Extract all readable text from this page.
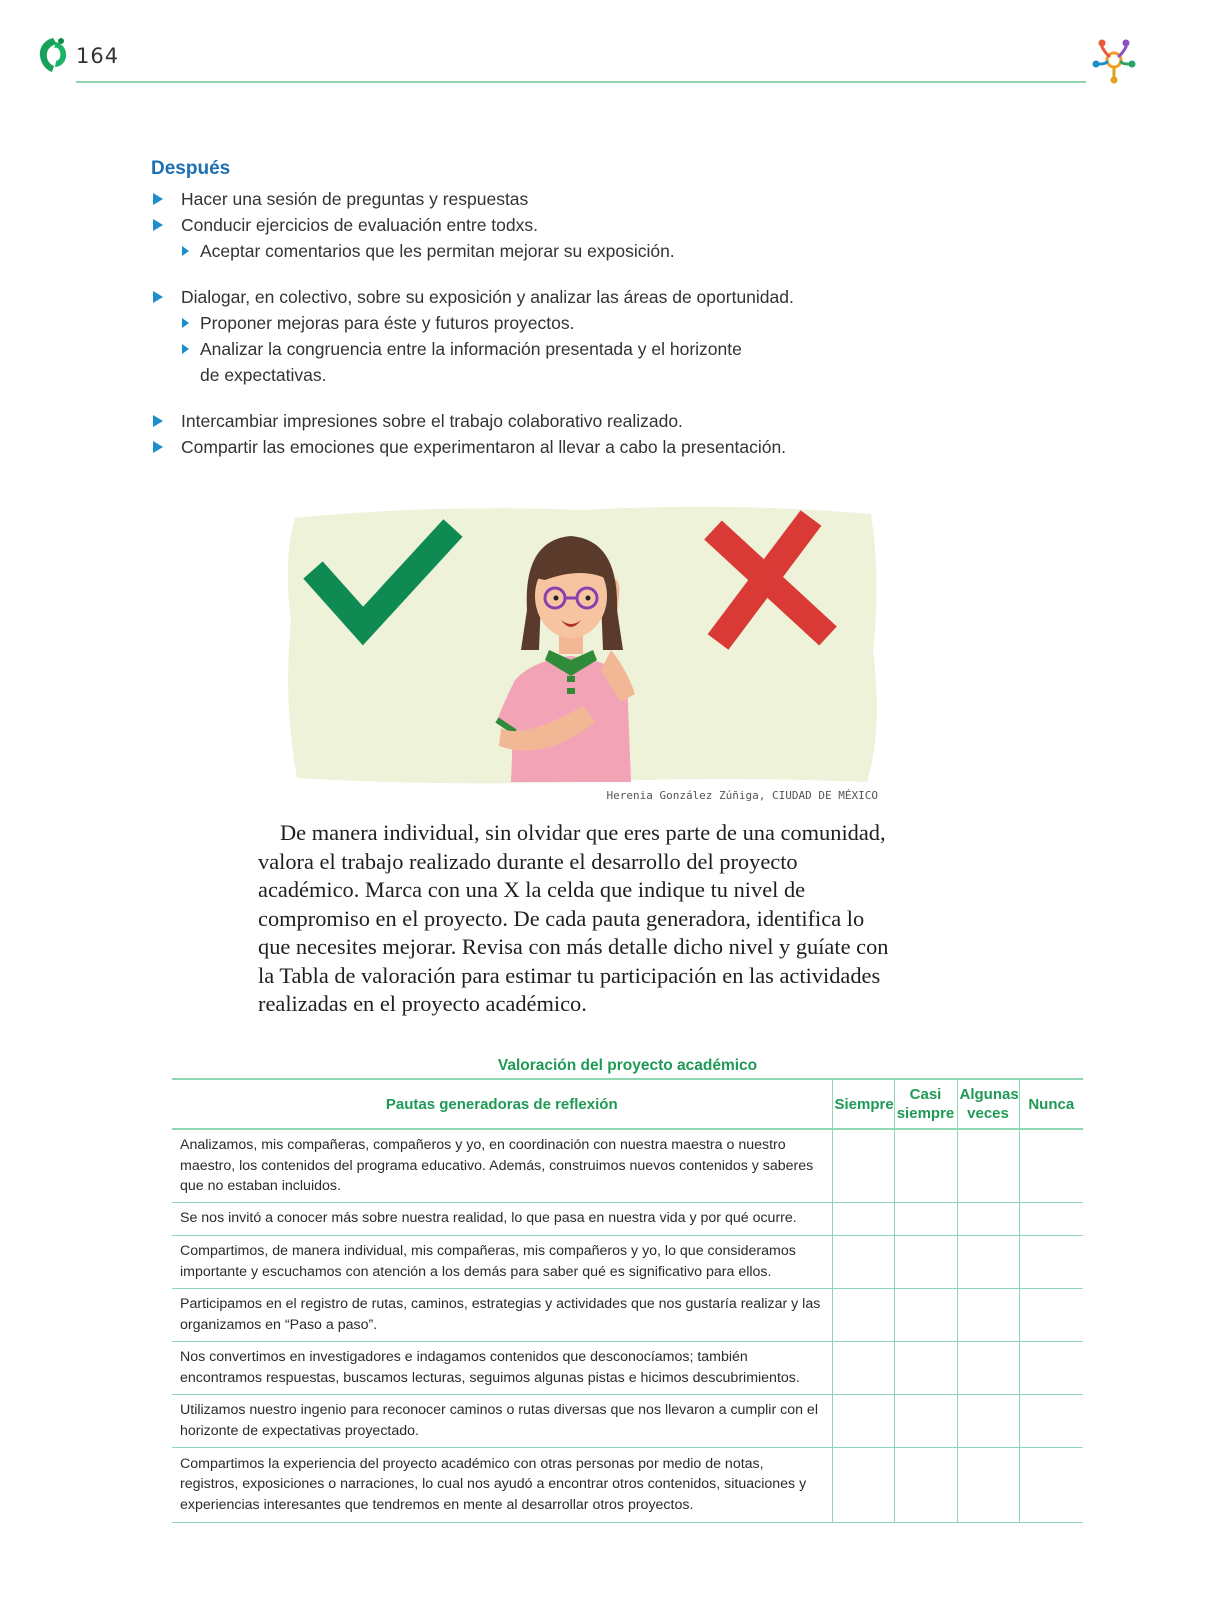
164
Después
Hacer una sesión de preguntas y respuestas
Conducir ejercicios de evaluación entre todxs.
Aceptar comentarios que les permitan mejorar su exposición.
Dialogar, en colectivo, sobre su exposición y analizar las áreas de oportunidad.
Proponer mejoras para éste y futuros proyectos.
Analizar la congruencia entre la información presentada y el horizonte
de expectativas.
Intercambiar impresiones sobre el trabajo colaborativo realizado.
Compartir las emociones que experimentaron al llevar a cabo la presentación.
Herenia González Zúñiga, CIUDAD DE MÉXICO

De manera individual, sin olvidar que eres parte de una comunidad, valora el trabajo realizado durante el desarrollo del proyecto académico. Marca con una X la celda que indique tu nivel de compromiso en el proyecto. De cada pauta generadora, identifica lo que necesites mejorar. Revisa con más detalle dicho nivel y guíate con la Tabla de valoración para estimar tu participación en las actividades realizadas en el proyecto académico.

Valoración del proyecto académico
Pautas generadoras de reflexión	Siempre	Casi siempre	Algunas veces	Nunca
Analizamos, mis compañeras, compañeros y yo, en coordinación con nuestra maestra o nuestro maestro, los contenidos del programa educativo. Además, construimos nuevos contenidos y saberes que no estaban incluidos.				
Se nos invitó a conocer más sobre nuestra realidad, lo que pasa en nuestra vida y por qué ocurre.				
Compartimos, de manera individual, mis compañeras, mis compañeros y yo, lo que consideramos importante y escuchamos con atención a los demás para saber qué es significativo para ellos.				
Participamos en el registro de rutas, caminos, estrategias y actividades que nos gustaría realizar y las organizamos en “Paso a paso”.				
Nos convertimos en investigadores e indagamos contenidos que desconocíamos; también encontramos respuestas, buscamos lecturas, seguimos algunas pistas e hicimos descubrimientos.				
Utilizamos nuestro ingenio para reconocer caminos o rutas diversas que nos llevaron a cumplir con el horizonte de expectativas proyectado.				
Compartimos la experiencia del proyecto académico con otras personas por medio de notas, registros, exposiciones o narraciones, lo cual nos ayudó a encontrar otros contenidos, situaciones y experiencias interesantes que tendremos en mente al desarrollar otros proyectos.				
